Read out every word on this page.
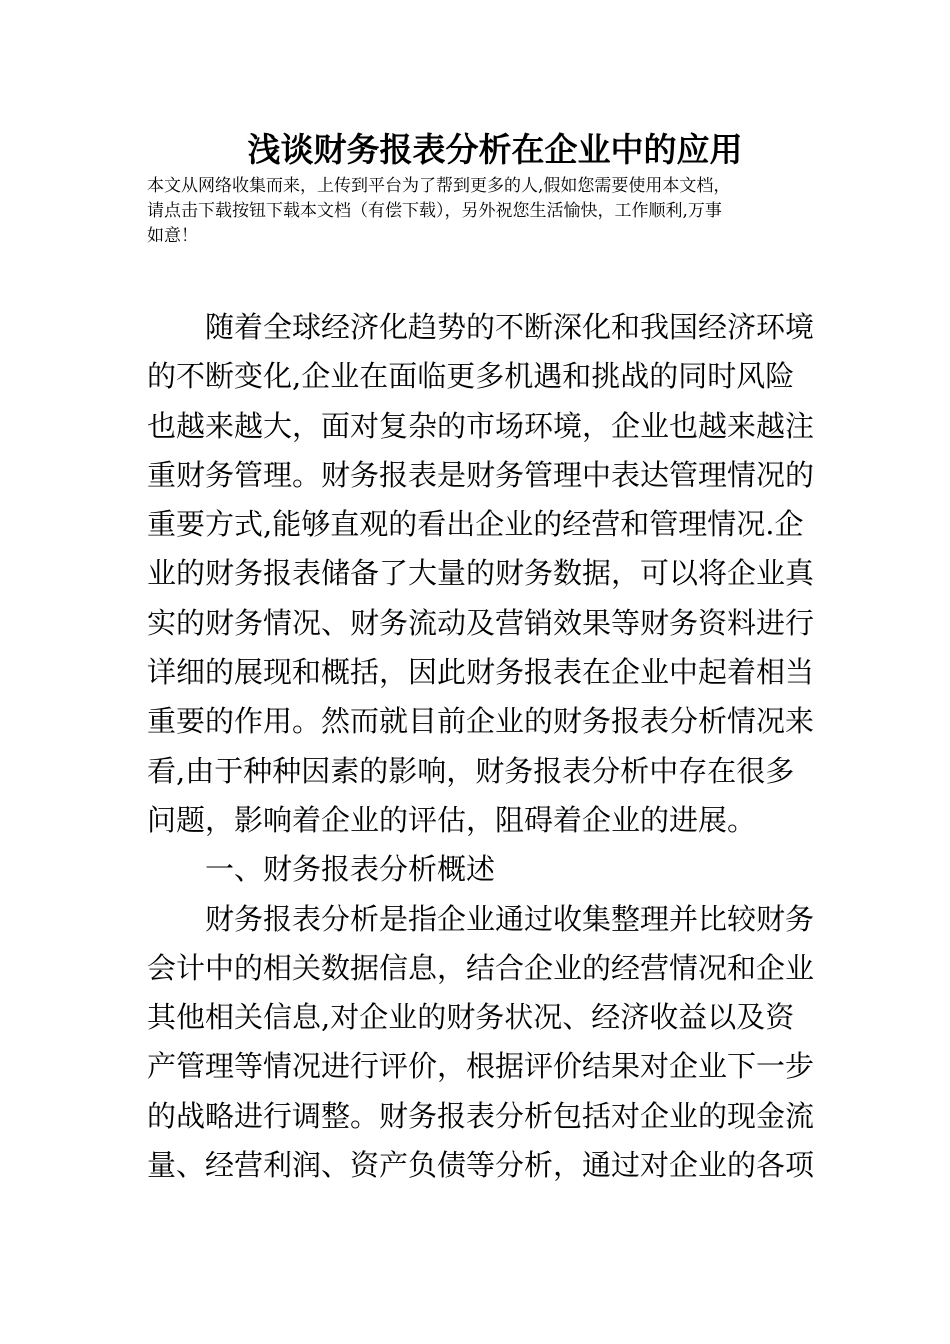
浅谈财务报表分析在企业中的应用

本文从网络收集而来，上传到平台为了帮到更多的人,假如您需要使用本文档，

请点击下载按钮下载本文档（有偿下载），另外祝您生活愉快，工作顺利,万事

如意！

随着全球经济化趋势的不断深化和我国经济环境

的不断变化,企业在面临更多机遇和挑战的同时风险

也越来越大，面对复杂的市场环境，企业也越来越注

重财务管理。财务报表是财务管理中表达管理情况的

重要方式,能够直观的看出企业的经营和管理情况.企

业的财务报表储备了大量的财务数据，可以将企业真

实的财务情况、财务流动及营销效果等财务资料进行

详细的展现和概括，因此财务报表在企业中起着相当

重要的作用。然而就目前企业的财务报表分析情况来

看,由于种种因素的影响，财务报表分析中存在很多

问题，影响着企业的评估，阻碍着企业的进展。

一、财务报表分析概述

财务报表分析是指企业通过收集整理并比较财务

会计中的相关数据信息，结合企业的经营情况和企业

其他相关信息,对企业的财务状况、经济收益以及资

产管理等情况进行评价，根据评价结果对企业下一步

的战略进行调整。财务报表分析包括对企业的现金流

量、经营利润、资产负债等分析，通过对企业的各项
